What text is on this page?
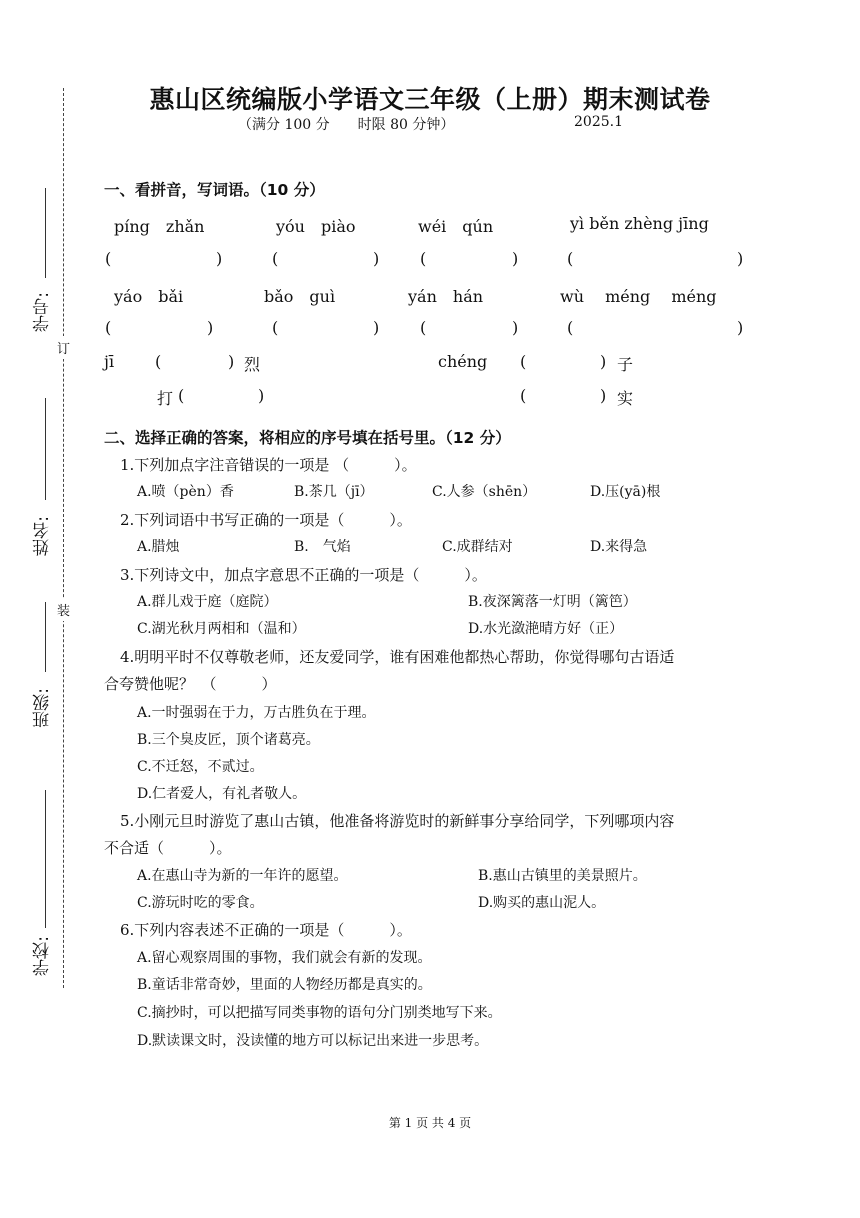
订
装
学号:
姓名:
班级:
学校:
惠山区统编版小学语文三年级（上册）期末测试卷
（满分 100 分　　时限 80 分钟）	2025.1
一、看拼音，写词语。（10 分）
píng　zhǎn	yóu　piào	wéi　qún	yì běn zhèng jīng
(	)	(	)	(	)	(	)
yáo　bǎi	bǎo　guì	yán　hán	wù　 méng　 méng
(	)	(	)	(	)	(	)
jī	(	) 烈
打 (	)
chéng (	) 子
(	) 实
二、选择正确的答案，将相应的序号填在括号里。（12 分）
1.下列加点字注音错误的一项是 （　　　）。
A.喷（pèn）香	B.茶几（jī）	C.人参（shēn）	D.压(yā)根
2.下列词语中书写正确的一项是（　　　）。
A.腊烛	B.　气焰	C.成群结对	D.来得急
3.下列诗文中，加点字意思不正确的一项是（　　　）。
A.群儿戏于庭（庭院）	B.夜深篱落一灯明（篱笆）
C.湖光秋月两相和（温和）	D.水光潋滟晴方好（正）
4.明明平时不仅尊敬老师，还友爱同学，谁有困难他都热心帮助，你觉得哪句古语适
合夸赞他呢？　（　　　）
A.一时强弱在于力，万古胜负在于理。
B.三个臭皮匠，顶个诸葛亮。
C.不迁怒，不贰过。
D.仁者爱人，有礼者敬人。
5.小刚元旦时游览了惠山古镇，他准备将游览时的新鲜事分享给同学，下列哪项内容
不合适（　　　）。
A.在惠山寺为新的一年许的愿望。	B.惠山古镇里的美景照片。
C.游玩时吃的零食。	D.购买的惠山泥人。
6.下列内容表述不正确的一项是（　　　）。
A.留心观察周围的事物，我们就会有新的发现。
B.童话非常奇妙，里面的人物经历都是真实的。
C.摘抄时，可以把描写同类事物的语句分门别类地写下来。
D.默读课文时，没读懂的地方可以标记出来进一步思考。
第 1 页 共 4 页
